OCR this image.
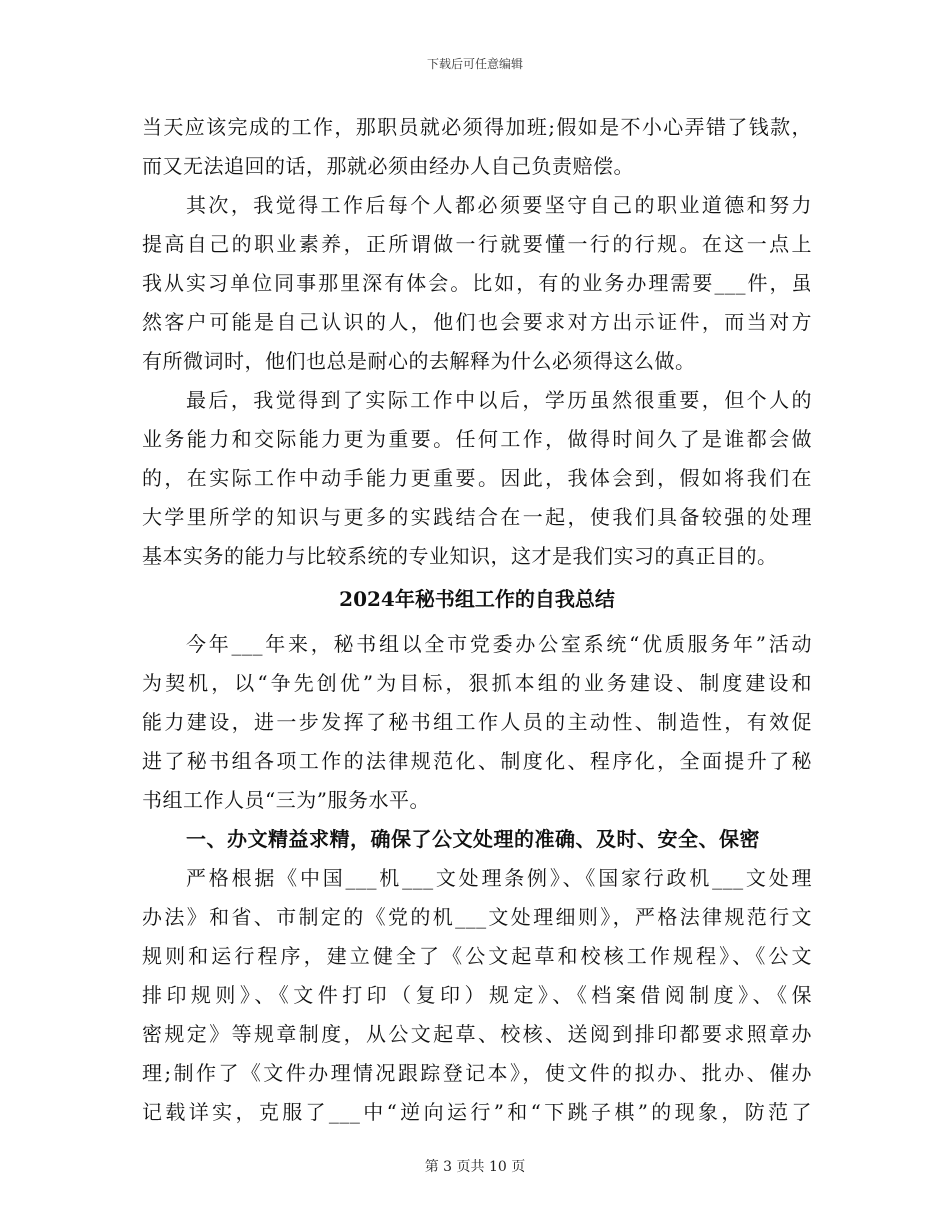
下载后可任意编辑
当天应该完成的工作，那职员就必须得加班;假如是不小心弄错了钱款，
而又无法追回的话，那就必须由经办人自己负责赔偿。
其次，我觉得工作后每个人都必须要坚守自己的职业道德和努力
提高自己的职业素养，正所谓做一行就要懂一行的行规。在这一点上
我从实习单位同事那里深有体会。比如，有的业务办理需要___件，虽
然客户可能是自己认识的人，他们也会要求对方出示证件，而当对方
有所微词时，他们也总是耐心的去解释为什么必须得这么做。
最后，我觉得到了实际工作中以后，学历虽然很重要，但个人的
业务能力和交际能力更为重要。任何工作，做得时间久了是谁都会做
的，在实际工作中动手能力更重要。因此，我体会到，假如将我们在
大学里所学的知识与更多的实践结合在一起，使我们具备较强的处理
基本实务的能力与比较系统的专业知识，这才是我们实习的真正目的。
2024年秘书组工作的自我总结
今年___年来，秘书组以全市党委办公室系统“优质服务年”活动
为契机，以“争先创优”为目标，狠抓本组的业务建设、制度建设和
能力建设，进一步发挥了秘书组工作人员的主动性、制造性，有效促
进了秘书组各项工作的法律规范化、制度化、程序化，全面提升了秘
书组工作人员“三为”服务水平。
一、办文精益求精，确保了公文处理的准确、及时、安全、保密
严格根据《中国___机___文处理条例》、《国家行政机___文处理
办法》和省、市制定的《党的机___文处理细则》，严格法律规范行文
规则和运行程序，建立健全了《公文起草和校核工作规程》、《公文
排印规则》、《文件打印（复印）规定》、《档案借阅制度》、《保
密规定》等规章制度，从公文起草、校核、送阅到排印都要求照章办
理;制作了《文件办理情况跟踪登记本》，使文件的拟办、批办、催办
记载详实，克服了___中“逆向运行”和“下跳子棋”的现象，防范了
第 3 页共 10 页
